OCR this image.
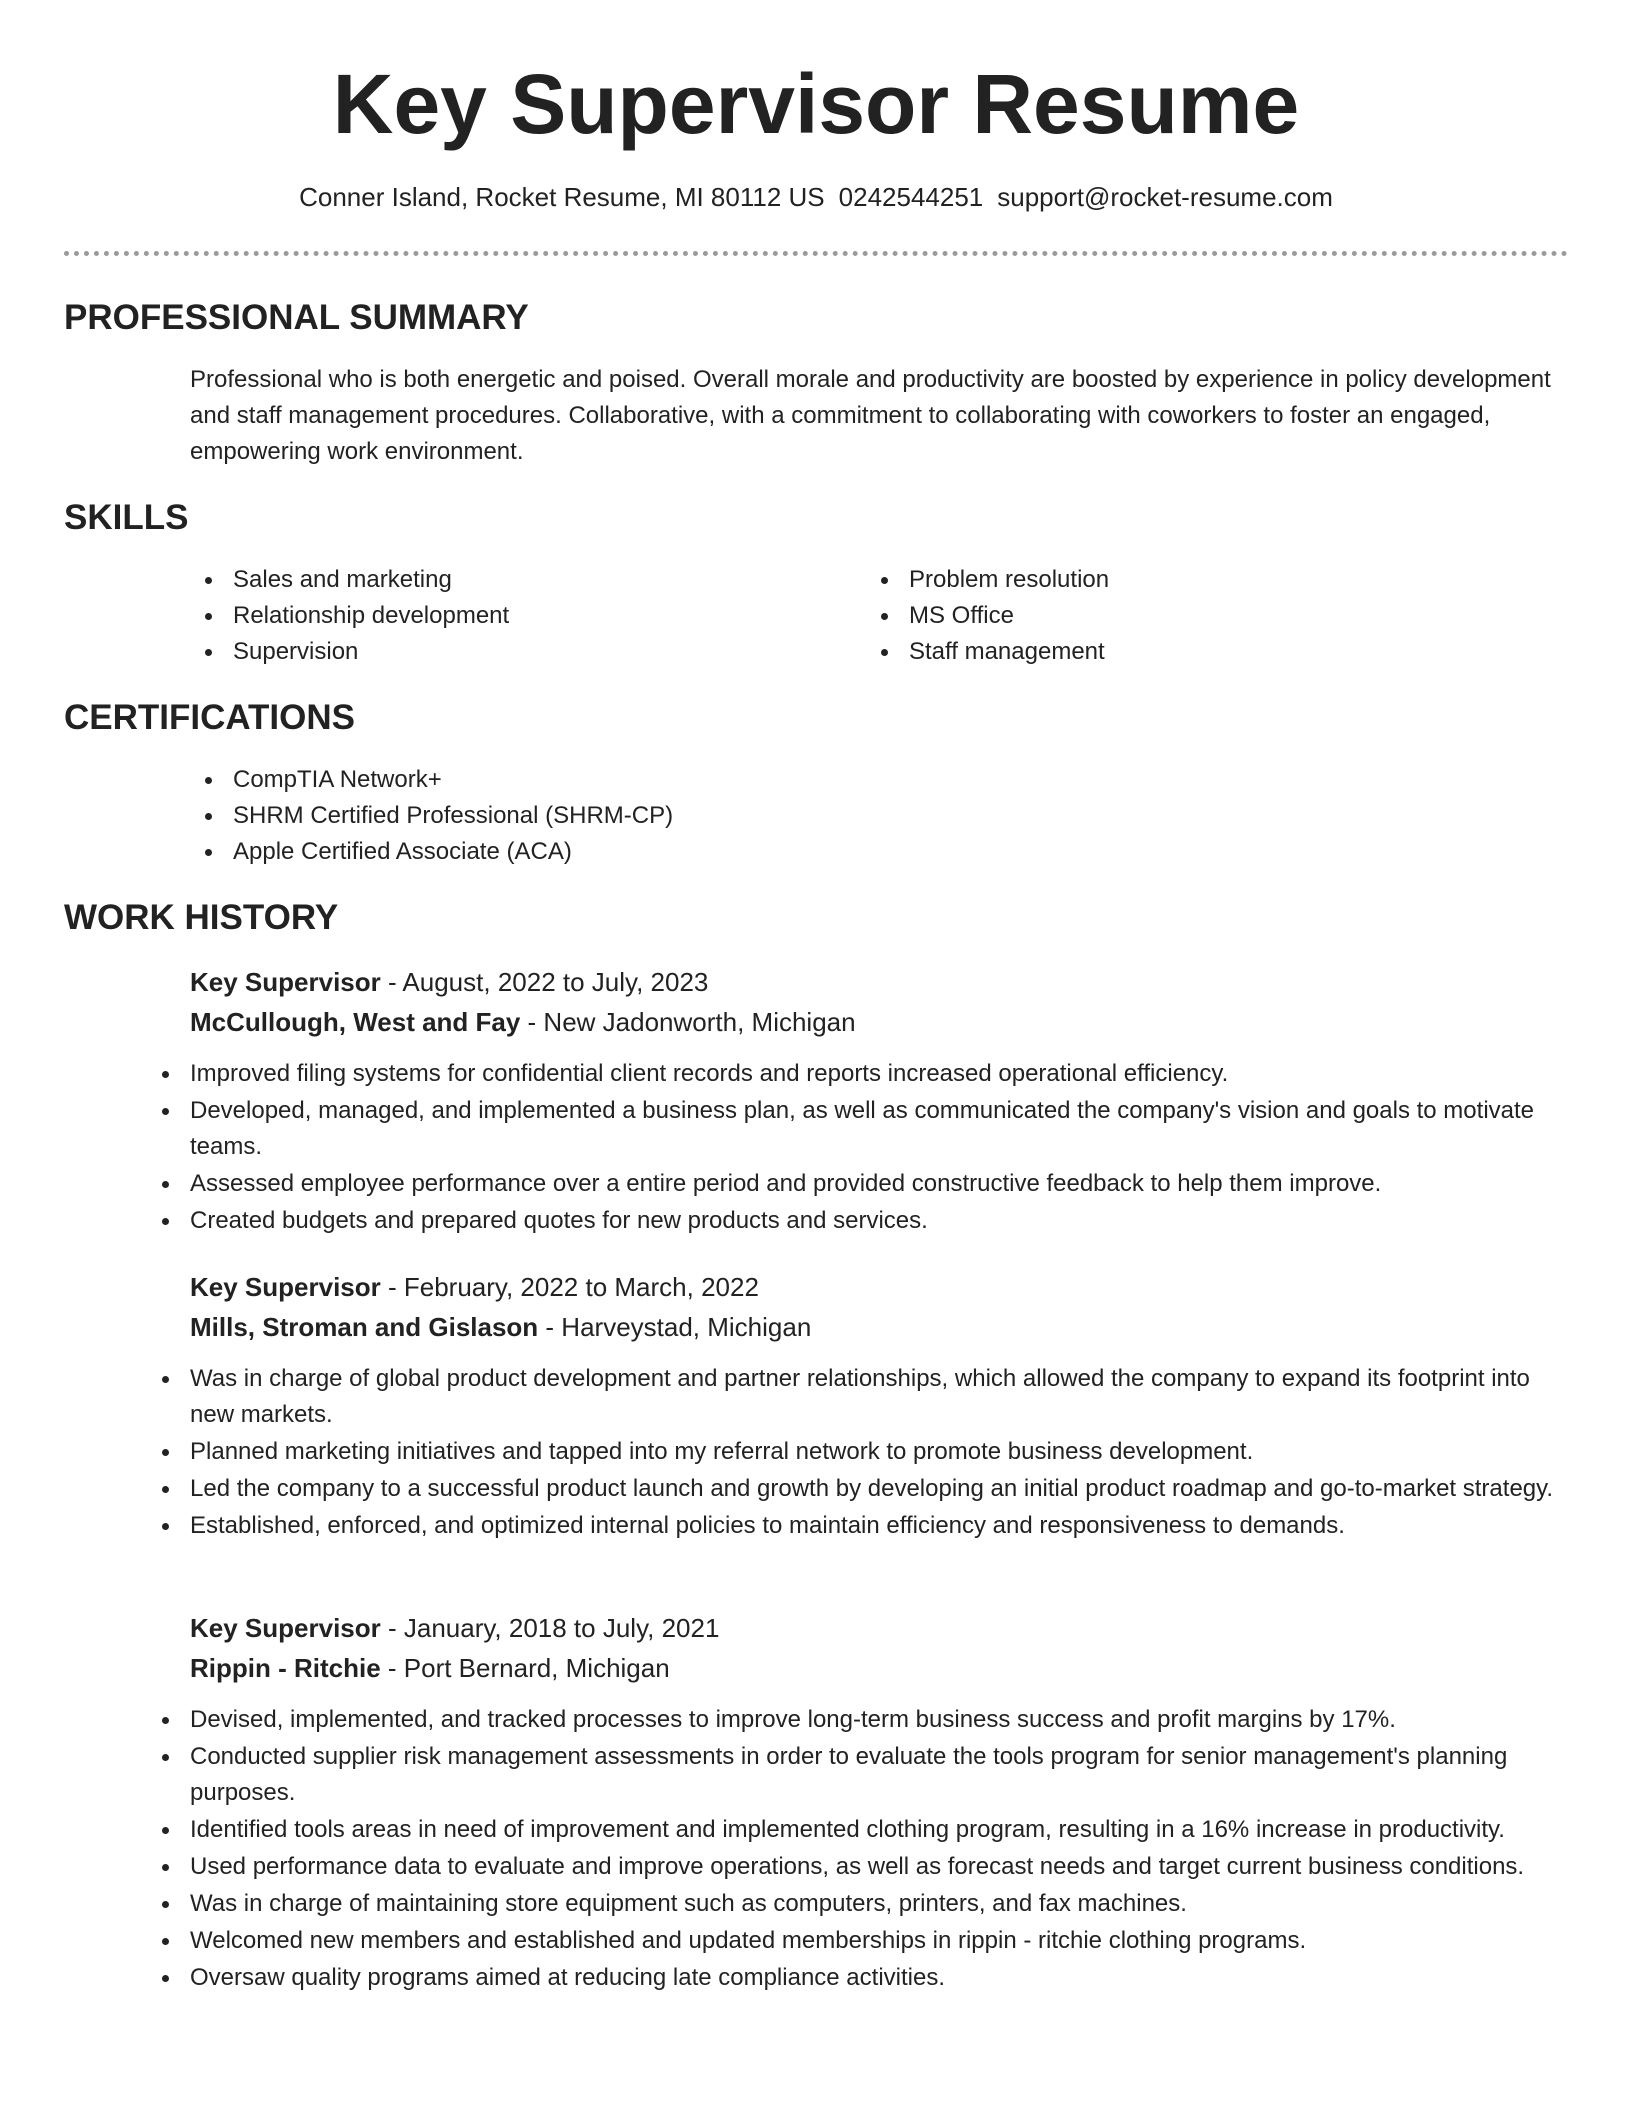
Key Supervisor Resume
Conner Island, Rocket Resume, MI 80112 US 0242544251 support@rocket-resume.com
PROFESSIONAL SUMMARY

Professional who is both energetic and poised. Overall morale and productivity are boosted by experience in policy development and staff management procedures. Collaborative, with a commitment to collaborating with coworkers to foster an engaged, empowering work environment.

SKILLS
Sales and marketing
Relationship development
Supervision
Problem resolution
MS Office
Staff management
CERTIFICATIONS
CompTIA Network+
SHRM Certified Professional (SHRM-CP)
Apple Certified Associate (ACA)
WORK HISTORY
Key Supervisor - August, 2022 to July, 2023
McCullough, West and Fay - New Jadonworth, Michigan
Improved filing systems for confidential client records and reports increased operational efficiency.
Developed, managed, and implemented a business plan, as well as communicated the company's vision and goals to motivate teams.
Assessed employee performance over a entire period and provided constructive feedback to help them improve.
Created budgets and prepared quotes for new products and services.
Key Supervisor - February, 2022 to March, 2022
Mills, Stroman and Gislason - Harveystad, Michigan
Was in charge of global product development and partner relationships, which allowed the company to expand its footprint into new markets.
Planned marketing initiatives and tapped into my referral network to promote business development.
Led the company to a successful product launch and growth by developing an initial product roadmap and go-to-market strategy.
Established, enforced, and optimized internal policies to maintain efficiency and responsiveness to demands.
Key Supervisor - January, 2018 to July, 2021
Rippin - Ritchie - Port Bernard, Michigan
Devised, implemented, and tracked processes to improve long-term business success and profit margins by 17%.
Conducted supplier risk management assessments in order to evaluate the tools program for senior management's planning purposes.
Identified tools areas in need of improvement and implemented clothing program, resulting in a 16% increase in productivity.
Used performance data to evaluate and improve operations, as well as forecast needs and target current business conditions.
Was in charge of maintaining store equipment such as computers, printers, and fax machines.
Welcomed new members and established and updated memberships in rippin - ritchie clothing programs.
Oversaw quality programs aimed at reducing late compliance activities.
